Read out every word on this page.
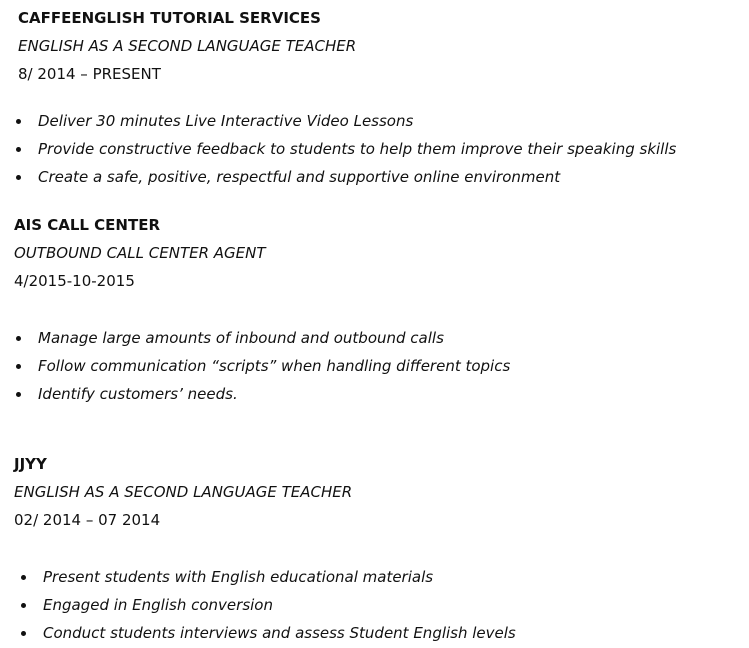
CAFFEENGLISH TUTORIAL SERVICES
ENGLISH AS A SECOND LANGUAGE TEACHER
8/ 2014 – PRESENT
Deliver 30 minutes Live Interactive Video Lessons
Provide constructive feedback to students to help them improve their speaking skills
Create a safe, positive, respectful and supportive online environment
AIS CALL CENTER
OUTBOUND CALL CENTER AGENT
4/2015-10-2015
Manage large amounts of inbound and outbound calls
Follow communication “scripts” when handling different topics
Identify customers’ needs.
JJYY
ENGLISH AS A SECOND LANGUAGE TEACHER
02/ 2014 – 07 2014
Present students with English educational materials
Engaged in English conversion
Conduct students interviews and assess Student English levels
